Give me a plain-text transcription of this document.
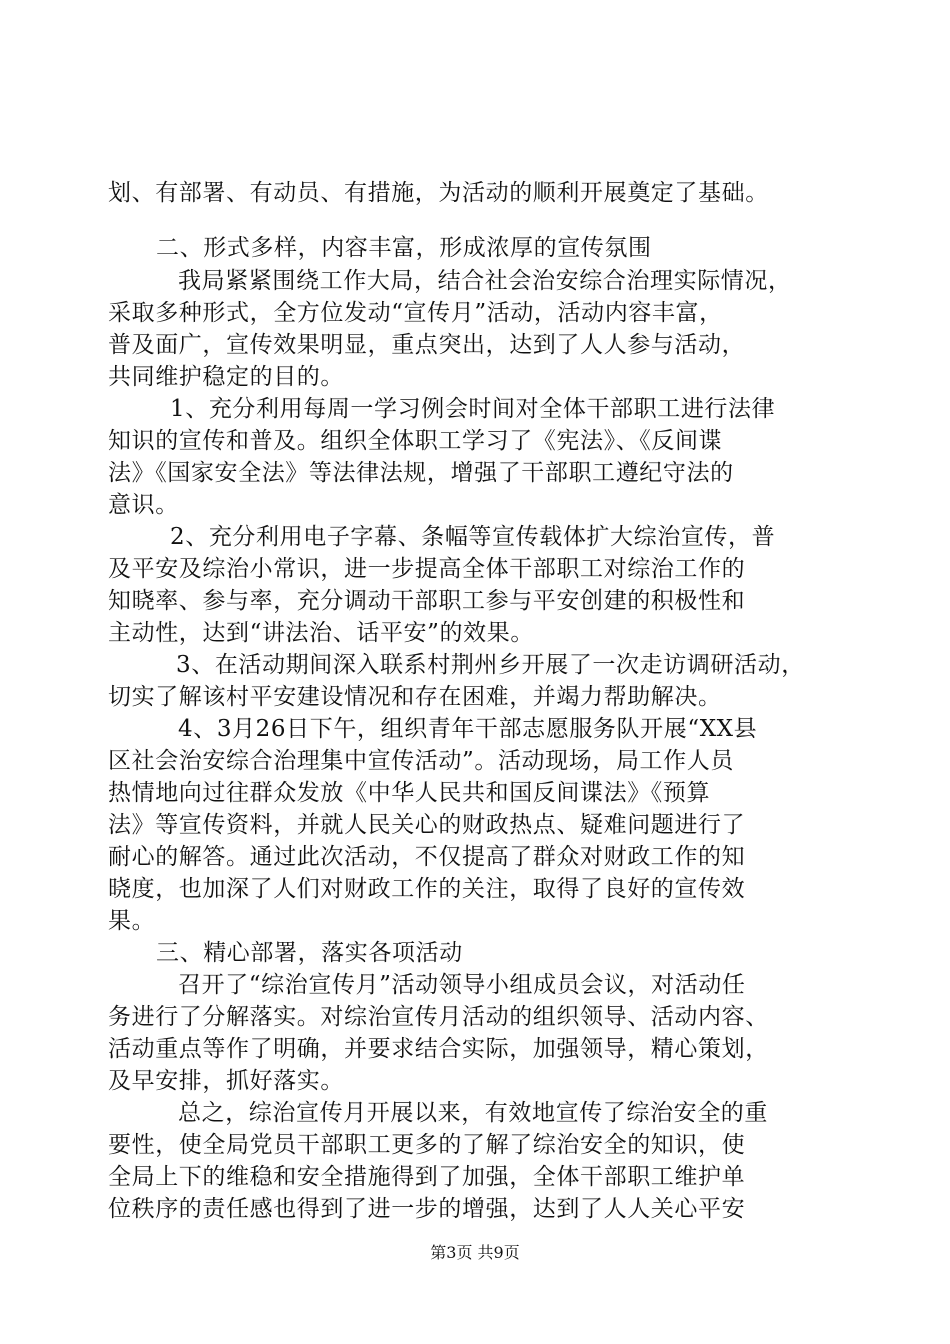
划、有部署、有动员、有措施，为活动的顺利开展奠定了基础。
二、形式多样，内容丰富，形成浓厚的宣传氛围
我局紧紧围绕工作大局，结合社会治安综合治理实际情况，
采取多种形式，全方位发动“宣传月”活动，活动内容丰富，
普及面广，宣传效果明显，重点突出，达到了人人参与活动，
共同维护稳定的目的。
1、充分利用每周一学习例会时间对全体干部职工进行法律
知识的宣传和普及。组织全体职工学习了《宪法》、《反间谍
法》《国家安全法》等法律法规，增强了干部职工遵纪守法的
意识。
2、充分利用电子字幕、条幅等宣传载体扩大综治宣传，普
及平安及综治小常识，进一步提高全体干部职工对综治工作的
知晓率、参与率，充分调动干部职工参与平安创建的积极性和
主动性，达到“讲法治、话平安”的效果。
3、在活动期间深入联系村荆州乡开展了一次走访调研活动，
切实了解该村平安建设情况和存在困难，并竭力帮助解决。
4、3月26日下午，组织青年干部志愿服务队开展“XX县
区社会治安综合治理集中宣传活动”。活动现场，局工作人员
热情地向过往群众发放《中华人民共和国反间谍法》《预算
法》等宣传资料，并就人民关心的财政热点、疑难问题进行了
耐心的解答。通过此次活动，不仅提高了群众对财政工作的知
晓度，也加深了人们对财政工作的关注，取得了良好的宣传效
果。
三、精心部署，落实各项活动
召开了“综治宣传月”活动领导小组成员会议，对活动任
务进行了分解落实。对综治宣传月活动的组织领导、活动内容、
活动重点等作了明确，并要求结合实际，加强领导，精心策划，
及早安排，抓好落实。
总之，综治宣传月开展以来，有效地宣传了综治安全的重
要性，使全局党员干部职工更多的了解了综治安全的知识，使
全局上下的维稳和安全措施得到了加强，全体干部职工维护单
位秩序的责任感也得到了进一步的增强，达到了人人关心平安
第3页 共9页
